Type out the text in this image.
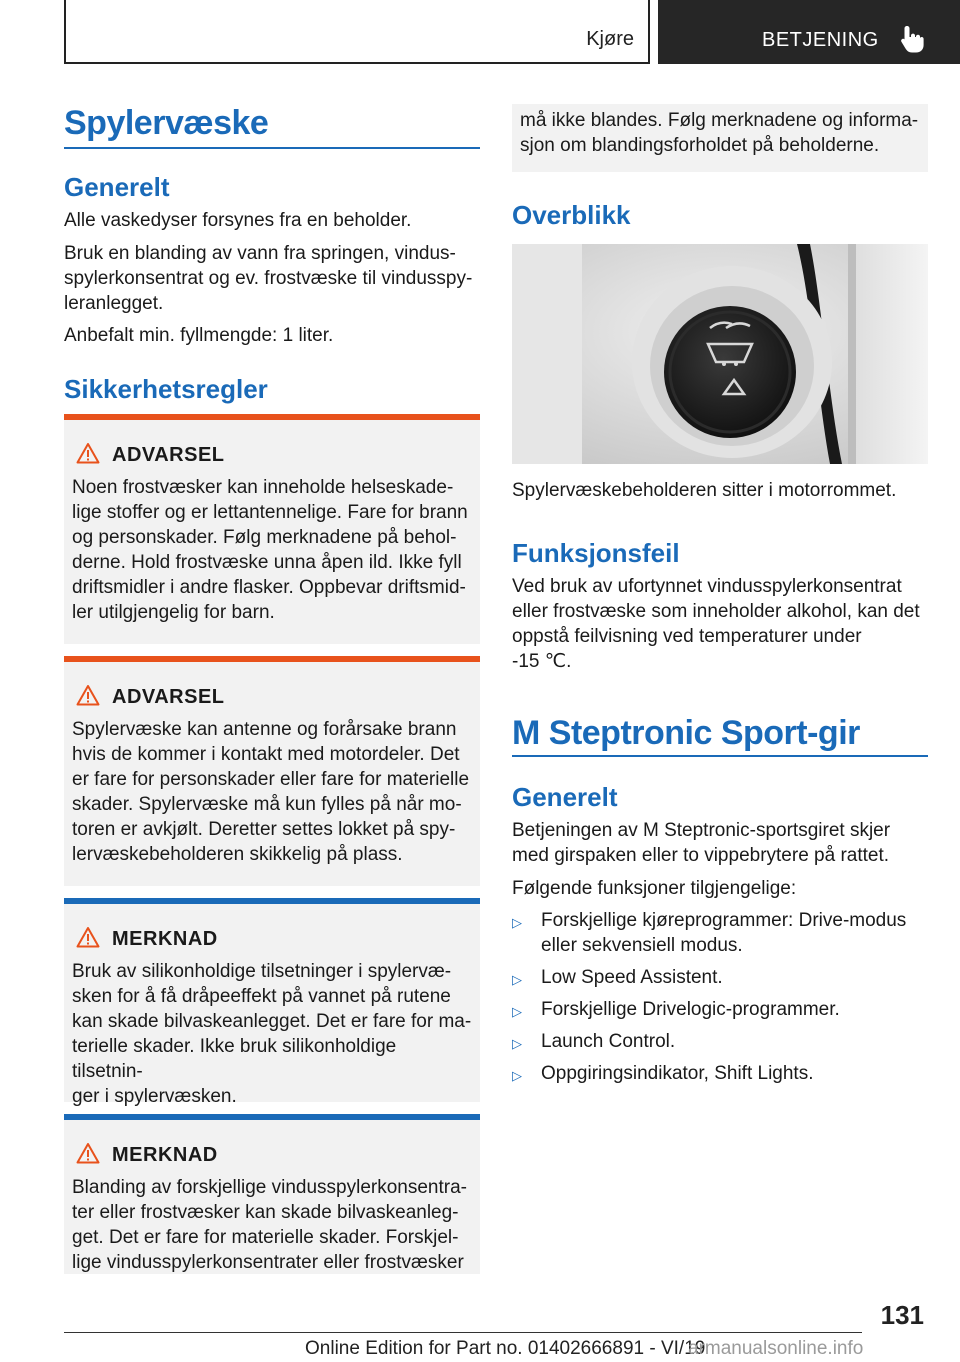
Kjøre	BETJENING
Spylervæske
Generelt
Alle vaskedyser forsynes fra en beholder.
Bruk en blanding av vann fra springen, vindus-
spylerkonsentrat og ev. frostvæske til vindusspy-
leranlegget.
Anbefalt min. fyllmengde: 1 liter.
Sikkerhetsregler
ADVARSEL
Noen frostvæsker kan inneholde helseskade-
lige stoffer og er lettantennelige. Fare for brann
og personskader. Følg merknadene på behol-
derne. Hold frostvæske unna åpen ild. Ikke fyll
driftsmidler i andre flasker. Oppbevar driftsmid-
ler utilgjengelig for barn.
ADVARSEL
Spylervæske kan antenne og forårsake brann
hvis de kommer i kontakt med motordeler. Det
er fare for personskader eller fare for materielle
skader. Spylervæske må kun fylles på når mo-
toren er avkjølt. Deretter settes lokket på spy-
lervæskebeholderen skikkelig på plass.
MERKNAD
Bruk av silikonholdige tilsetninger i spylervæ-
sken for å få dråpeeffekt på vannet på rutene
kan skade bilvaskeanlegget. Det er fare for ma-
terielle skader. Ikke bruk silikonholdige tilsetnin-
ger i spylervæsken.
MERKNAD
Blanding av forskjellige vindusspylerkonsentra-
ter eller frostvæsker kan skade bilvaskeanleg-
get. Det er fare for materielle skader. Forskjel-
lige vindusspylerkonsentrater eller frostvæsker
må ikke blandes. Følg merknadene og informa-
sjon om blandingsforholdet på beholderne.
Overblikk
Spylervæskebeholderen sitter i motorrommet.
Funksjonsfeil
Ved bruk av ufortynnet vindusspylerkonsentrat
eller frostvæske som inneholder alkohol, kan det
oppstå feilvisning ved temperaturer under
-15 ℃.
M Steptronic Sport-gir
Generelt
Betjeningen av M Steptronic-sportsgiret skjer
med girspaken eller to vippebrytere på rattet.
Følgende funksjoner tilgjengelige:
▷ Forskjellige kjøreprogrammer: Drive-modus
eller sekvensiell modus.
▷ Low Speed Assistent.
▷ Forskjellige Drivelogic-programmer.
▷ Launch Control.
▷ Oppgiringsindikator, Shift Lights.
131
Online Edition for Part no. 01402666891 - VI/19
armanualsonline.info
